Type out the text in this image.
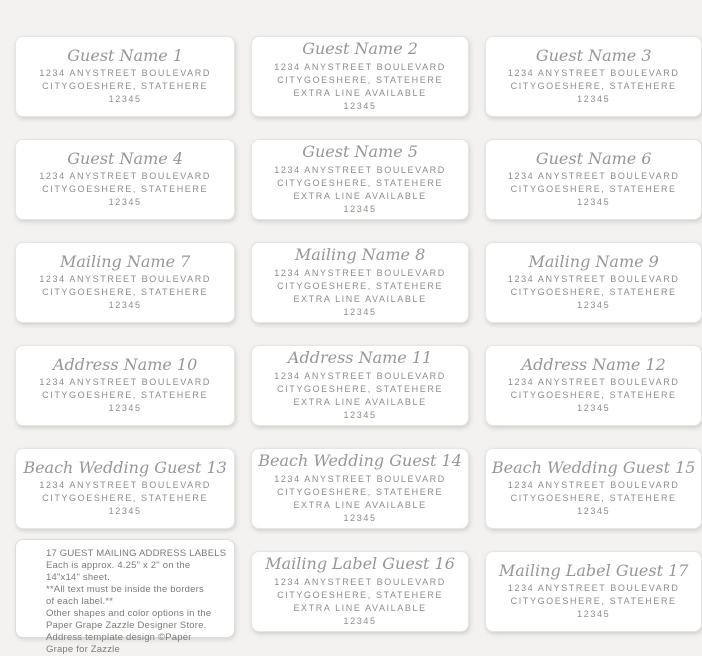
Guest Name 1
1234 ANYSTREET BOULEVARD
CITYGOESHERE, STATEHERE
12345
Guest Name 2
1234 ANYSTREET BOULEVARD
CITYGOESHERE, STATEHERE
EXTRA LINE AVAILABLE
12345
Guest Name 3
1234 ANYSTREET BOULEVARD
CITYGOESHERE, STATEHERE
12345
Guest Name 4
1234 ANYSTREET BOULEVARD
CITYGOESHERE, STATEHERE
12345
Guest Name 5
1234 ANYSTREET BOULEVARD
CITYGOESHERE, STATEHERE
EXTRA LINE AVAILABLE
12345
Guest Name 6
1234 ANYSTREET BOULEVARD
CITYGOESHERE, STATEHERE
12345
Mailing Name 7
1234 ANYSTREET BOULEVARD
CITYGOESHERE, STATEHERE
12345
Mailing Name 8
1234 ANYSTREET BOULEVARD
CITYGOESHERE, STATEHERE
EXTRA LINE AVAILABLE
12345
Mailing Name 9
1234 ANYSTREET BOULEVARD
CITYGOESHERE, STATEHERE
12345
Address Name 10
1234 ANYSTREET BOULEVARD
CITYGOESHERE, STATEHERE
12345
Address Name 11
1234 ANYSTREET BOULEVARD
CITYGOESHERE, STATEHERE
EXTRA LINE AVAILABLE
12345
Address Name 12
1234 ANYSTREET BOULEVARD
CITYGOESHERE, STATEHERE
12345
Beach Wedding Guest 13
1234 ANYSTREET BOULEVARD
CITYGOESHERE, STATEHERE
12345
Beach Wedding Guest 14
1234 ANYSTREET BOULEVARD
CITYGOESHERE, STATEHERE
EXTRA LINE AVAILABLE
12345
Beach Wedding Guest 15
1234 ANYSTREET BOULEVARD
CITYGOESHERE, STATEHERE
12345
17 GUEST MAILING ADDRESS LABELS
Each is approx. 4.25" x 2" on the
14"x14" sheet.
**All text must be inside the borders
of each label.**
Other shapes and color options in the
Paper Grape Zazzle Designer Store.
Address template design ©Paper
Grape for Zazzle
Mailing Label Guest 16
1234 ANYSTREET BOULEVARD
CITYGOESHERE, STATEHERE
EXTRA LINE AVAILABLE
12345
Mailing Label Guest 17
1234 ANYSTREET BOULEVARD
CITYGOESHERE, STATEHERE
12345
